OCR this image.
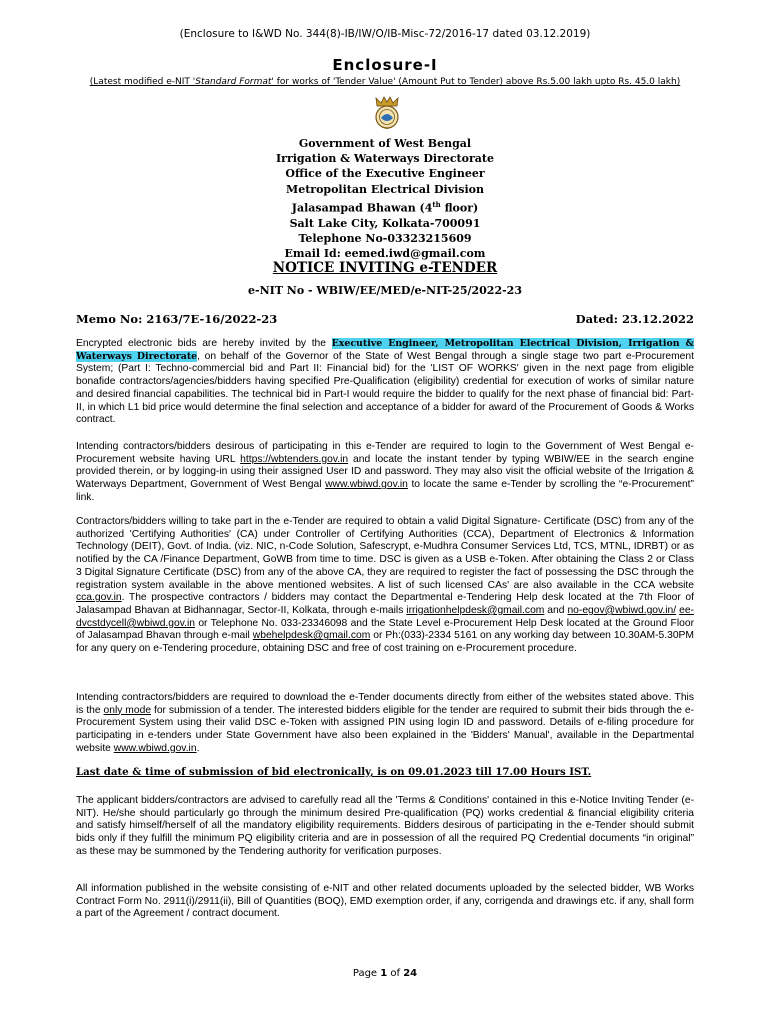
(Enclosure to I&WD No. 344(8)-IB/IW/O/IB-Misc-72/2016-17 dated 03.12.2019)
Enclosure-I
(Latest modified e-NIT 'Standard Format' for works of 'Tender Value' (Amount Put to Tender) above Rs.5.00 lakh upto Rs. 45.0 lakh)
Government of West Bengal
Irrigation & Waterways Directorate
Office of the Executive Engineer
Metropolitan Electrical Division
Jalasampad Bhawan (4th floor)
Salt Lake City, Kolkata-700091
Telephone No-03323215609
Email Id: eemed.iwd@gmail.com
NOTICE INVITING e-TENDER
e-NIT No - WBIW/EE/MED/e-NIT-25/2022-23
Memo No: 2163/7E-16/2022-23	Dated: 23.12.2022
Encrypted electronic bids are hereby invited by the Executive Engineer, Metropolitan Electrical Division, Irrigation & Waterways Directorate, on behalf of the Governor of the State of West Bengal through a single stage two part e-Procurement System; (Part I: Techno-commercial bid and Part II: Financial bid) for the 'LIST OF WORKS' given in the next page from eligible bonafide contractors/agencies/bidders having specified Pre-Qualification (eligibility) credential for execution of works of similar nature and desired financial capabilities. The technical bid in Part-I would require the bidder to qualify for the next phase of financial bid: Part-II, in which L1 bid price would determine the final selection and acceptance of a bidder for award of the Procurement of Goods & Works contract.
Intending contractors/bidders desirous of participating in this e-Tender are required to login to the Government of West Bengal e-Procurement website having URL https://wbtenders.gov.in and locate the instant tender by typing WBIW/EE in the search engine provided therein, or by logging-in using their assigned User ID and password. They may also visit the official website of the Irrigation & Waterways Department, Government of West Bengal www.wbiwd.gov.in to locate the same e-Tender by scrolling the “e-Procurement” link.
Contractors/bidders willing to take part in the e-Tender are required to obtain a valid Digital Signature- Certificate (DSC) from any of the authorized 'Certifying Authorities' (CA) under Controller of Certifying Authorities (CCA), Department of Electronics & Information Technology (DEIT), Govt. of India. (viz. NIC, n-Code Solution, Safescrypt, e-Mudhra Consumer Services Ltd, TCS, MTNL, IDRBT) or as notified by the CA /Finance Department, GoWB from time to time. DSC is given as a USB e-Token. After obtaining the Class 2 or Class 3 Digital Signature Certificate (DSC) from any of the above CA, they are required to register the fact of possessing the DSC through the registration system available in the above mentioned websites. A list of such licensed CAs' are also available in the CCA website cca.gov.in. The prospective contractors / bidders may contact the Departmental e-Tendering Help desk located at the 7th Floor of Jalasampad Bhavan at Bidhannagar, Sector-II, Kolkata, through e-mails irrigationhelpdesk@gmail.com and no-egov@wbiwd.gov.in/ ee-dvcstdycell@wbiwd.gov.in or Telephone No. 033-23346098 and the State Level e-Procurement Help Desk located at the Ground Floor of Jalasampad Bhavan through e-mail wbehelpdesk@gmail.com or Ph:(033)-2334 5161 on any working day between 10.30AM-5.30PM for any query on e-Tendering procedure, obtaining DSC and free of cost training on e-Procurement procedure.
Intending contractors/bidders are required to download the e-Tender documents directly from either of the websites stated above. This is the only mode for submission of a tender. The interested bidders eligible for the tender are required to submit their bids through the e-Procurement System using their valid DSC e-Token with assigned PIN using login ID and password. Details of e-filing procedure for participating in e-tenders under State Government have also been explained in the 'Bidders' Manual', available in the Departmental website www.wbiwd.gov.in.
Last date & time of submission of bid electronically, is on 09.01.2023 till 17.00 Hours IST.
The applicant bidders/contractors are advised to carefully read all the 'Terms & Conditions' contained in this e-Notice Inviting Tender (e-NIT). He/she should particularly go through the minimum desired Pre-qualification (PQ) works credential & financial eligibility criteria and satisfy himself/herself of all the mandatory eligibility requirements. Bidders desirous of participating in the e-Tender should submit bids only if they fulfill the minimum PQ eligibility criteria and are in possession of all the required PQ Credential documents “in original” as these may be summoned by the Tendering authority for verification purposes.
All information published in the website consisting of e-NIT and other related documents uploaded by the selected bidder, WB Works Contract Form No. 2911(i)/2911(ii), Bill of Quantities (BOQ), EMD exemption order, if any, corrigenda and drawings etc. if any, shall form a part of the Agreement / contract document.
Page 1 of 24
